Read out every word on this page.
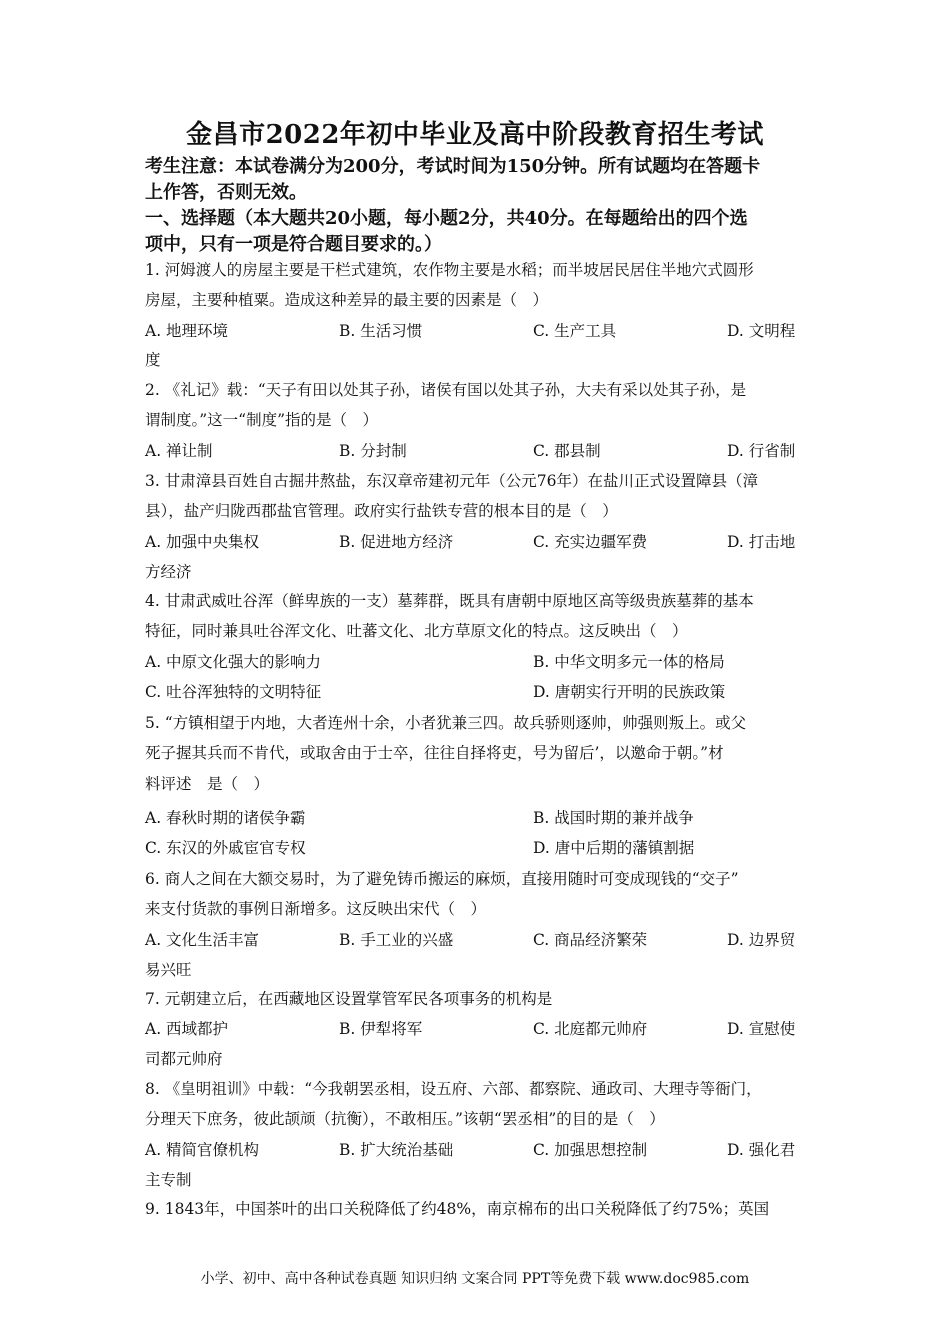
金昌市2022年初中毕业及高中阶段教育招生考试
考生注意：本试卷满分为200分，考试时间为150分钟。所有试题均在答题卡
上作答，否则无效。
一、选择题（本大题共20小题，每小题2分，共40分。在每题给出的四个选
项中，只有一项是符合题目要求的。）
1. 河姆渡人的房屋主要是干栏式建筑，农作物主要是水稻；而半坡居民居住半地穴式圆形
房屋，主要种植粟。造成这种差异的最主要的因素是（　）
A. 地理环境	B. 生活习惯	C. 生产工具	D. 文明程
度
2. 《礼记》载：“天子有田以处其子孙，诸侯有国以处其子孙，大夫有采以处其子孙，是
谓制度。”这一“制度”指的是（　）
A. 禅让制	B. 分封制	C. 郡县制	D. 行省制
3. 甘肃漳县百姓自古掘井熬盐，东汉章帝建初元年（公元76年）在盐川正式设置障县（漳
县），盐产归陇西郡盐官管理。政府实行盐铁专营的根本目的是（　）
A. 加强中央集权	B. 促进地方经济	C. 充实边疆军费	D. 打击地
方经济
4. 甘肃武威吐谷浑（鲜卑族的一支）墓葬群，既具有唐朝中原地区高等级贵族墓葬的基本
特征，同时兼具吐谷浑文化、吐蕃文化、北方草原文化的特点。这反映出（　）
A. 中原文化强大的影响力	B. 中华文明多元一体的格局
C. 吐谷浑独特的文明特征	D. 唐朝实行开明的民族政策
5. “方镇相望于内地，大者连州十余，小者犹兼三四。故兵骄则逐帅，帅强则叛上。或父
死子握其兵而不肯代，或取舍由于士卒，往往自择将吏，号为留后’，以邀命于朝。”材
料评述　是（　）
A. 春秋时期的诸侯争霸	B. 战国时期的兼并战争
C. 东汉的外戚宦官专权	D. 唐中后期的藩镇割据
6. 商人之间在大额交易时，为了避免铸币搬运的麻烦，直接用随时可变成现钱的“交子”
来支付货款的事例日渐增多。这反映出宋代（　）
A. 文化生活丰富	B. 手工业的兴盛	C. 商品经济繁荣	D. 边界贸
易兴旺
7. 元朝建立后，在西藏地区设置掌管军民各项事务的机构是
A. 西域都护	B. 伊犁将军	C. 北庭都元帅府	D. 宣慰使
司都元帅府
8. 《皇明祖训》中载：“今我朝罢丞相，设五府、六部、都察院、通政司、大理寺等衙门，
分理天下庶务，彼此颉颃（抗衡），不敢相压。”该朝“罢丞相”的目的是（　）
A. 精简官僚机构	B. 扩大统治基础	C. 加强思想控制	D. 强化君
主专制
9. 1843年，中国茶叶的出口关税降低了约48%，南京棉布的出口关税降低了约75%；英国
小学、初中、高中各种试卷真题 知识归纳 文案合同 PPT等免费下载 www.doc985.com
